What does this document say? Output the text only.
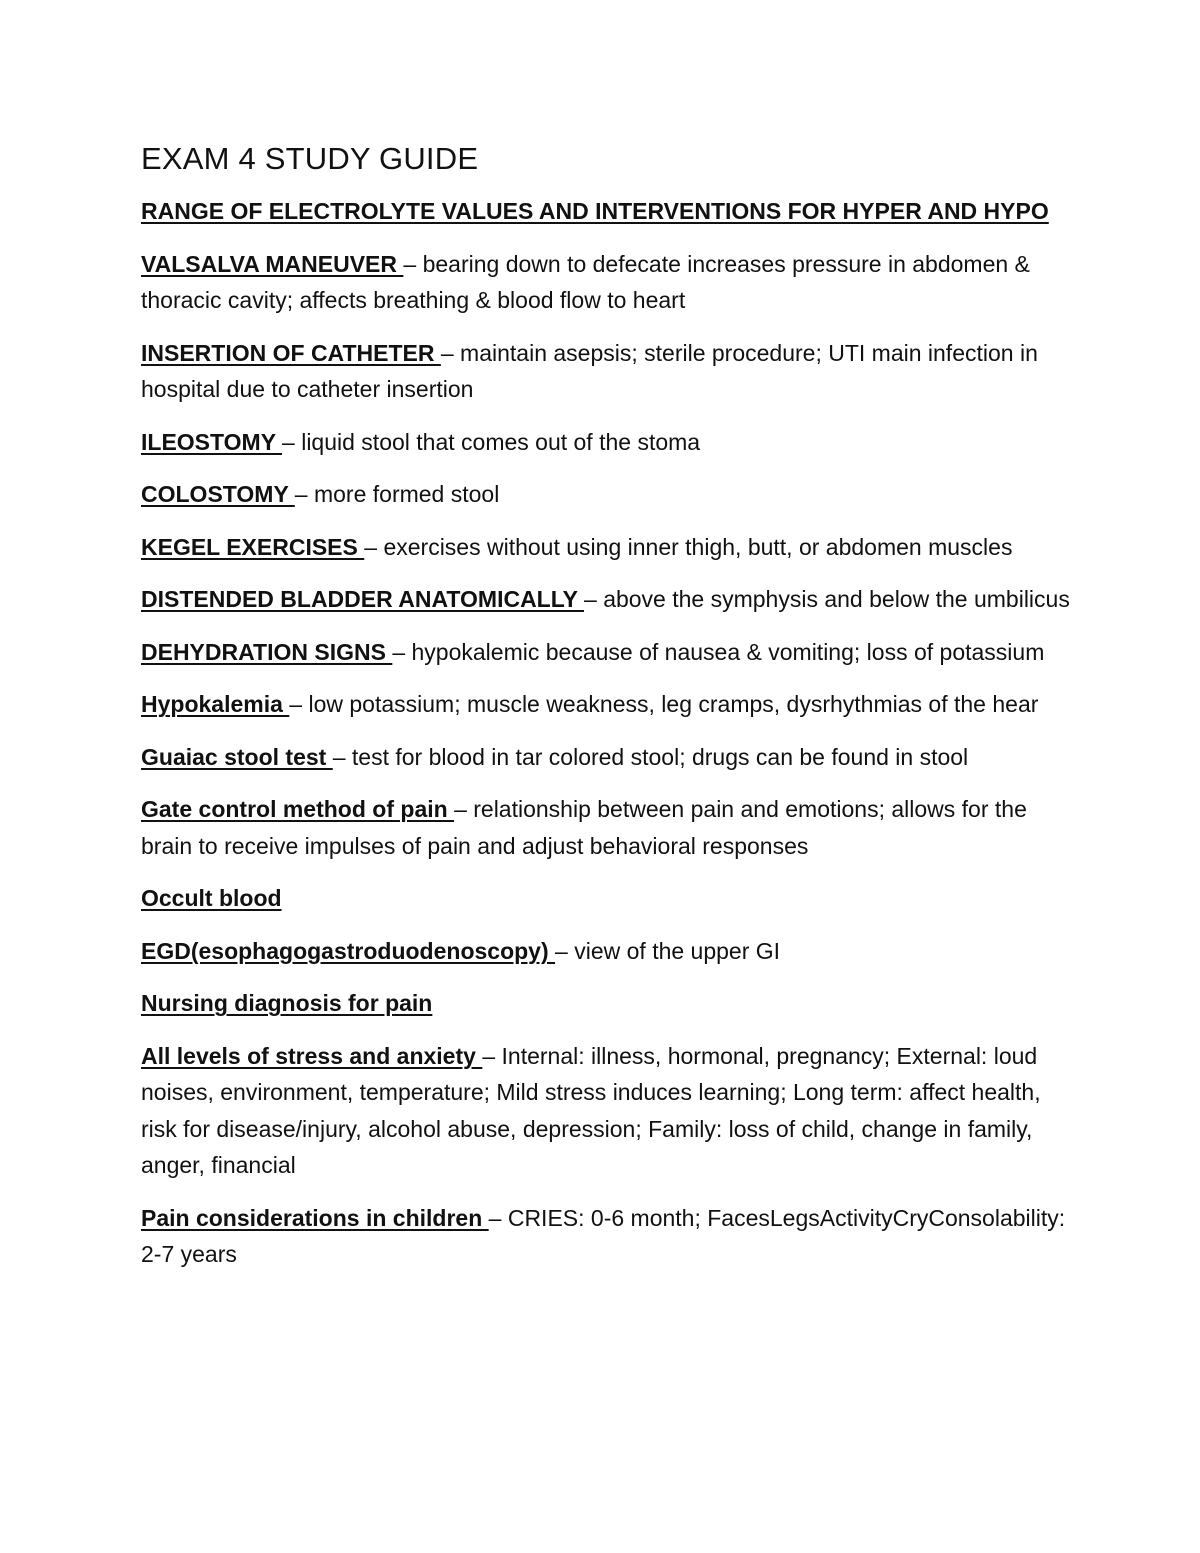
EXAM 4 STUDY GUIDE

RANGE OF ELECTROLYTE VALUES AND INTERVENTIONS FOR HYPER AND HYPO

VALSALVA MANEUVER – bearing down to defecate increases pressure in abdomen & thoracic cavity; affects breathing & blood flow to heart

INSERTION OF CATHETER – maintain asepsis; sterile procedure; UTI main infection in hospital due to catheter insertion

ILEOSTOMY – liquid stool that comes out of the stoma

COLOSTOMY – more formed stool

KEGEL EXERCISES – exercises without using inner thigh, butt, or abdomen muscles

DISTENDED BLADDER ANATOMICALLY – above the symphysis and below the umbilicus

DEHYDRATION SIGNS – hypokalemic because of nausea & vomiting; loss of potassium

Hypokalemia – low potassium; muscle weakness, leg cramps, dysrhythmias of the hear

Guaiac stool test – test for blood in tar colored stool; drugs can be found in stool

Gate control method of pain – relationship between pain and emotions; allows for the brain to receive impulses of pain and adjust behavioral responses

Occult blood

EGD(esophagogastroduodenoscopy) – view of the upper GI

Nursing diagnosis for pain

All levels of stress and anxiety – Internal: illness, hormonal, pregnancy; External: loud noises, environment, temperature; Mild stress induces learning; Long term: affect health, risk for disease/injury, alcohol abuse, depression; Family: loss of child, change in family, anger, financial

Pain considerations in children – CRIES: 0-6 month; FacesLegsActivityCryConsolability: 2-7 years
